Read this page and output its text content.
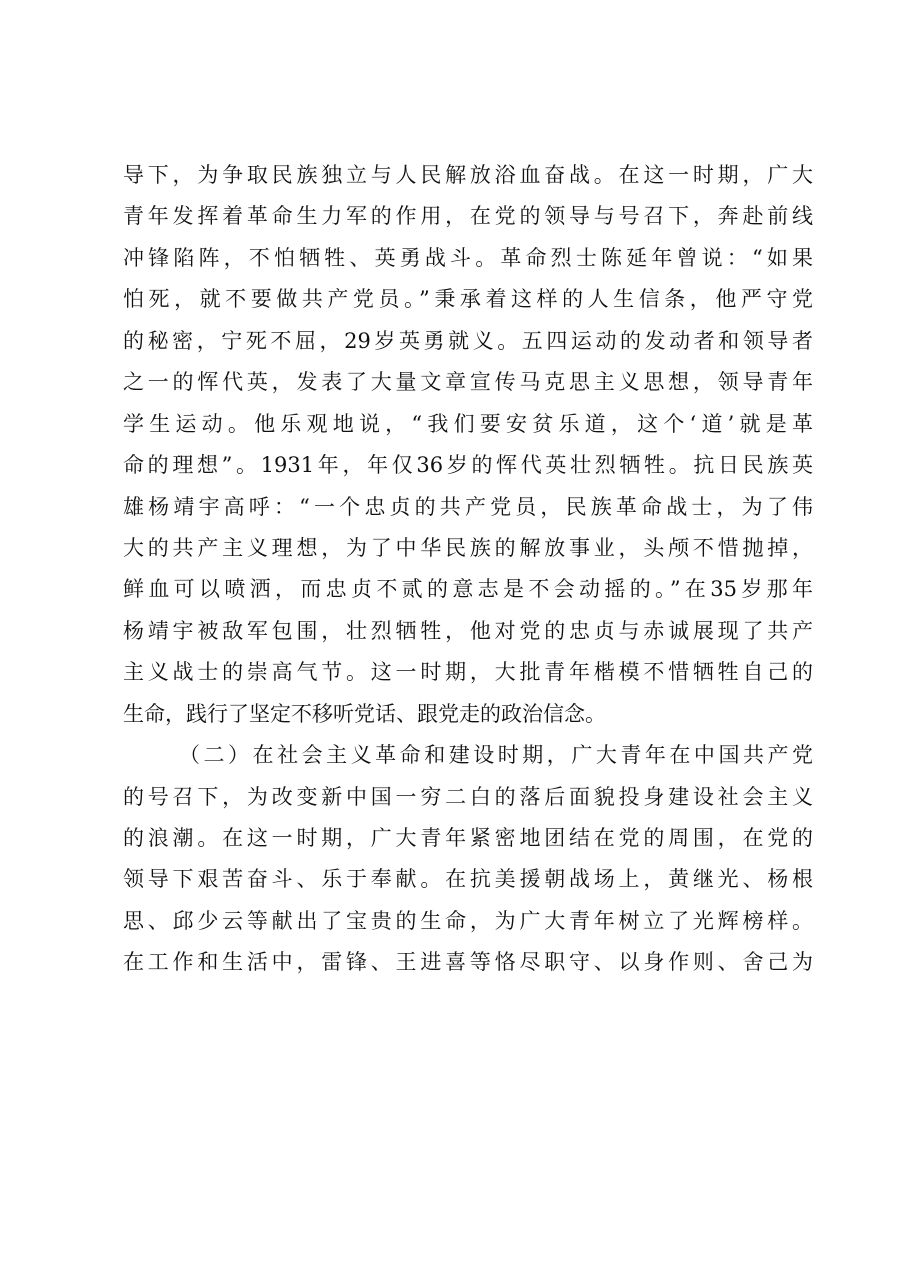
导下，为争取民族独立与人民解放浴血奋战。在这一时期，广大
青年发挥着革命生力军的作用，在党的领导与号召下，奔赴前线
冲锋陷阵，不怕牺牲、英勇战斗。革命烈士陈延年曾说：“如果
怕死，就不要做共产党员。”秉承着这样的人生信条，他严守党
的秘密，宁死不屈，29岁英勇就义。五四运动的发动者和领导者
之一的恽代英，发表了大量文章宣传马克思主义思想，领导青年
学生运动。他乐观地说，“我们要安贫乐道，这个‘道’就是革
命的理想”。1931年，年仅36岁的恽代英壮烈牺牲。抗日民族英
雄杨靖宇高呼：“一个忠贞的共产党员，民族革命战士，为了伟
大的共产主义理想，为了中华民族的解放事业，头颅不惜抛掉，
鲜血可以喷洒，而忠贞不贰的意志是不会动摇的。”在35岁那年
杨靖宇被敌军包围，壮烈牺牲，他对党的忠贞与赤诚展现了共产
主义战士的崇高气节。这一时期，大批青年楷模不惜牺牲自己的
生命，践行了坚定不移听党话、跟党走的政治信念。
（二）在社会主义革命和建设时期，广大青年在中国共产党
的号召下，为改变新中国一穷二白的落后面貌投身建设社会主义
的浪潮。在这一时期，广大青年紧密地团结在党的周围，在党的
领导下艰苦奋斗、乐于奉献。在抗美援朝战场上，黄继光、杨根
思、邱少云等献出了宝贵的生命，为广大青年树立了光辉榜样。
在工作和生活中，雷锋、王进喜等恪尽职守、以身作则、舍己为
